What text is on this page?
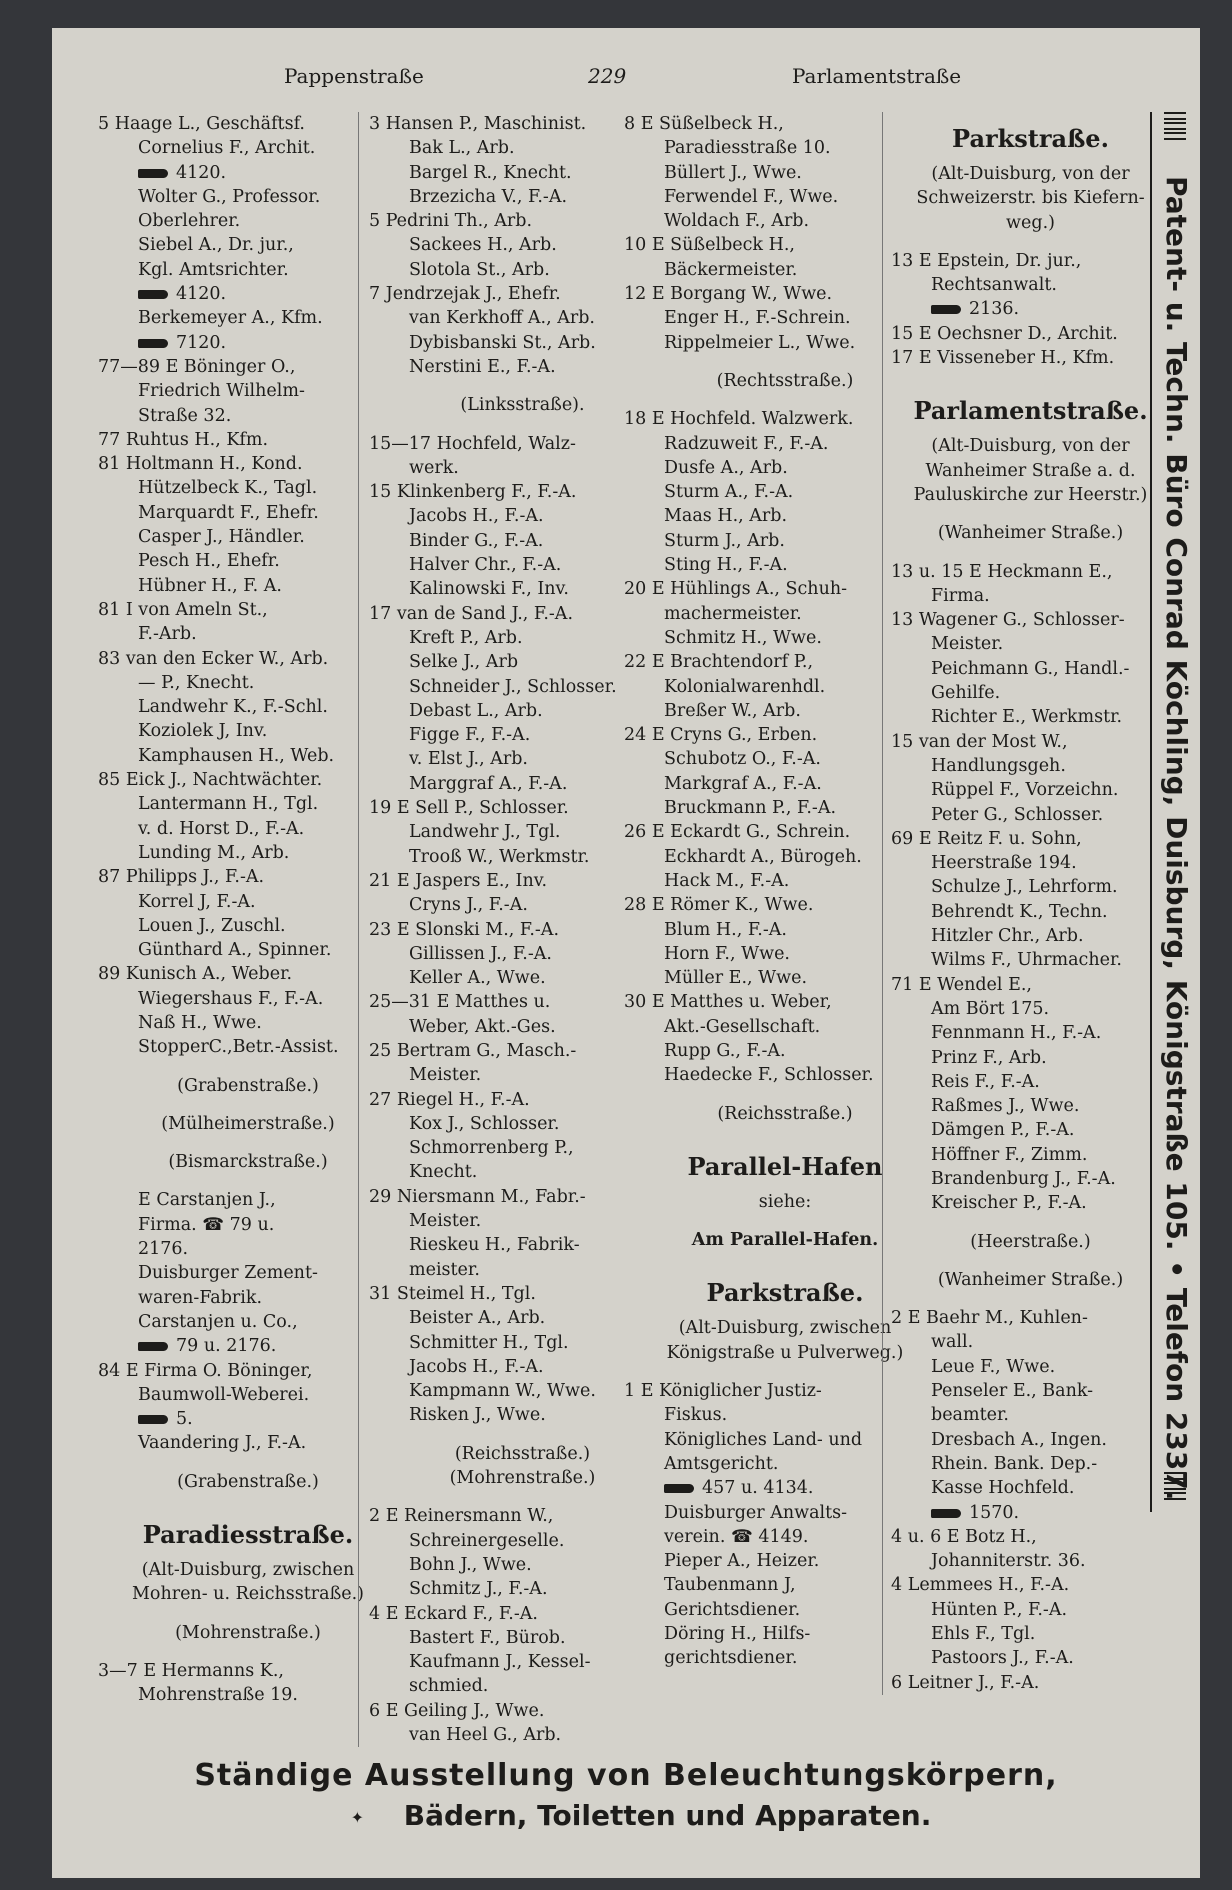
Pappenstraße	229	Parlamentstraße
5 Haage L., Geschäftsf.
Cornelius F., Archit.
4120.
Wolter G., Professor.
Oberlehrer.
Siebel A., Dr. jur.,
Kgl. Amtsrichter.
4120.
Berkemeyer A., Kfm.
7120.
77—89 E Böninger O.,
Friedrich Wilhelm-
Straße 32.
77 Ruhtus H., Kfm.
81 Holtmann H., Kond.
Hützelbeck K., Tagl.
Marquardt F., Ehefr.
Casper J., Händler.
Pesch H., Ehefr.
Hübner H., F. A.
81 I von Ameln St.,
F.-Arb.
83 van den Ecker W., Arb.
— P., Knecht.
Landwehr K., F.-Schl.
Koziolek J, Inv.
Kamphausen H., Web.
85 Eick J., Nachtwächter.
Lantermann H., Tgl.
v. d. Horst D., F.-A.
Lunding M., Arb.
87 Philipps J., F.-A.
Korrel J, F.-A.
Louen J., Zuschl.
Günthard A., Spinner.
89 Kunisch A., Weber.
Wiegershaus F., F.-A.
Naß H., Wwe.
StopperC.,Betr.-Assist.
(Grabenstraße.)
(Mülheimerstraße.)
(Bismarckstraße.)
E Carstanjen J.,
Firma. ☎ 79 u.
2176.
Duisburger Zement-
waren-Fabrik.
Carstanjen u. Co.,
79 u. 2176.
84 E Firma O. Böninger,
Baumwoll-Weberei.
5.
Vaandering J., F.-A.
(Grabenstraße.)
Paradiesstraße.
(Alt-Duisburg, zwischen
Mohren- u. Reichsstraße.)
(Mohrenstraße.)
3—7 E Hermanns K.,
Mohrenstraße 19.
3 Hansen P., Maschinist.
Bak L., Arb.
Bargel R., Knecht.
Brzezicha V., F.-A.
5 Pedrini Th., Arb.
Sackees H., Arb.
Slotola St., Arb.
7 Jendrzejak J., Ehefr.
van Kerkhoff A., Arb.
Dybisbanski St., Arb.
Nerstini E., F.-A.
(Linksstraße).
15—17 Hochfeld, Walz-
werk.
15 Klinkenberg F., F.-A.
Jacobs H., F.-A.
Binder G., F.-A.
Halver Chr., F.-A.
Kalinowski F., Inv.
17 van de Sand J., F.-A.
Kreft P., Arb.
Selke J., Arb
Schneider J., Schlosser.
Debast L., Arb.
Figge F., F.-A.
v. Elst J., Arb.
Marggraf A., F.-A.
19 E Sell P., Schlosser.
Landwehr J., Tgl.
Trooß W., Werkmstr.
21 E Jaspers E., Inv.
Cryns J., F.-A.
23 E Slonski M., F.-A.
Gillissen J., F.-A.
Keller A., Wwe.
25—31 E Matthes u.
Weber, Akt.-Ges.
25 Bertram G., Masch.-
Meister.
27 Riegel H., F.-A.
Kox J., Schlosser.
Schmorrenberg P.,
Knecht.
29 Niersmann M., Fabr.-
Meister.
Rieskeu H., Fabrik-
meister.
31 Steimel H., Tgl.
Beister A., Arb.
Schmitter H., Tgl.
Jacobs H., F.-A.
Kampmann W., Wwe.
Risken J., Wwe.
(Reichsstraße.)
(Mohrenstraße.)
2 E Reinersmann W.,
Schreinergeselle.
Bohn J., Wwe.
Schmitz J., F.-A.
4 E Eckard F., F.-A.
Bastert F., Bürob.
Kaufmann J., Kessel-
schmied.
6 E Geiling J., Wwe.
van Heel G., Arb.
8 E Süßelbeck H.,
Paradiesstraße 10.
Büllert J., Wwe.
Ferwendel F., Wwe.
Woldach F., Arb.
10 E Süßelbeck H.,
Bäckermeister.
12 E Borgang W., Wwe.
Enger H., F.-Schrein.
Rippelmeier L., Wwe.
(Rechtsstraße.)
18 E Hochfeld. Walzwerk.
Radzuweit F., F.-A.
Dusfe A., Arb.
Sturm A., F.-A.
Maas H., Arb.
Sturm J., Arb.
Sting H., F.-A.
20 E Hühlings A., Schuh-
machermeister.
Schmitz H., Wwe.
22 E Brachtendorf P.,
Kolonialwarenhdl.
Breßer W., Arb.
24 E Cryns G., Erben.
Schubotz O., F.-A.
Markgraf A., F.-A.
Bruckmann P., F.-A.
26 E Eckardt G., Schrein.
Eckhardt A., Bürogeh.
Hack M., F.-A.
28 E Römer K., Wwe.
Blum H., F.-A.
Horn F., Wwe.
Müller E., Wwe.
30 E Matthes u. Weber,
Akt.-Gesellschaft.
Rupp G., F.-A.
Haedecke F., Schlosser.
(Reichsstraße.)
Parallel-Hafen
siehe:
Am Parallel-Hafen.
Parkstraße.
(Alt-Duisburg, zwischen
Königstraße u Pulverweg.)
1 E Königlicher Justiz-
Fiskus.
Königliches Land- und
Amtsgericht.
457 u. 4134.
Duisburger Anwalts-
verein. ☎ 4149.
Pieper A., Heizer.
Taubenmann J,
Gerichtsdiener.
Döring H., Hilfs-
gerichtsdiener.
Parkstraße.
(Alt-Duisburg, von der
Schweizerstr. bis Kiefern-
weg.)
13 E Epstein, Dr. jur.,
Rechtsanwalt.
2136.
15 E Oechsner D., Archit.
17 E Visseneber H., Kfm.
Parlamentstraße.
(Alt-Duisburg, von der
Wanheimer Straße a. d.
Pauluskirche zur Heerstr.)
(Wanheimer Straße.)
13 u. 15 E Heckmann E.,
Firma.
13 Wagener G., Schlosser-
Meister.
Peichmann G., Handl.-
Gehilfe.
Richter E., Werkmstr.
15 van der Most W.,
Handlungsgeh.
Rüppel F., Vorzeichn.
Peter G., Schlosser.
69 E Reitz F. u. Sohn,
Heerstraße 194.
Schulze J., Lehrform.
Behrendt K., Techn.
Hitzler Chr., Arb.
Wilms F., Uhrmacher.
71 E Wendel E.,
Am Bört 175.
Fennmann H., F.-A.
Prinz F., Arb.
Reis F., F.-A.
Raßmes J., Wwe.
Dämgen P., F.-A.
Höffner F., Zimm.
Brandenburg J., F.-A.
Kreischer P., F.-A.
(Heerstraße.)
(Wanheimer Straße.)
2 E Baehr M., Kuhlen-
wall.
Leue F., Wwe.
Penseler E., Bank-
beamter.
Dresbach A., Ingen.
Rhein. Bank. Dep.-
Kasse Hochfeld.
1570.
4 u. 6 E Botz H.,
Johanniterstr. 36.
4 Lemmees H., F.-A.
Hünten P., F.-A.
Ehls F., Tgl.
Pastoors J., F.-A.
6 Leitner J., F.-A.
Patent- u. Techn. Büro Conrad Köchling, Duisburg, Königstraße 105. • Telefon 2337.
Ständige Ausstellung von Beleuchtungskörpern,
✦ Bädern, Toiletten und Apparaten.
